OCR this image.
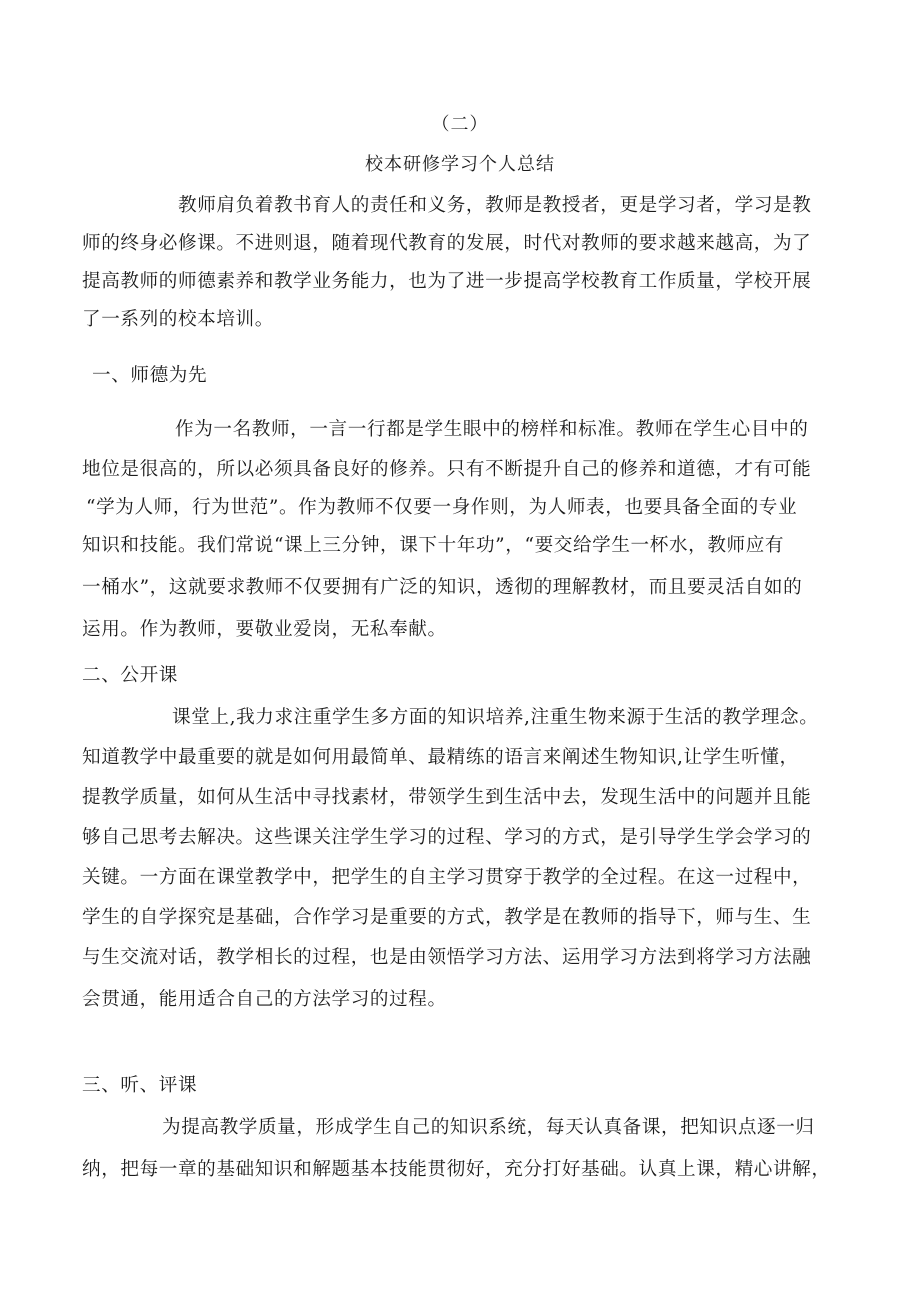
（二）
校本研修学习个人总结
教师肩负着教书育人的责任和义务，教师是教授者，更是学习者，学习是教
师的终身必修课。不进则退，随着现代教育的发展，时代对教师的要求越来越高，为了
提高教师的师德素养和教学业务能力，也为了进一步提高学校教育工作质量，学校开展
了一系列的校本培训。
一、师德为先
作为一名教师，一言一行都是学生眼中的榜样和标准。教师在学生心目中的
地位是很高的，所以必须具备良好的修养。只有不断提升自己的修养和道德，才有可能
“学为人师，行为世范”。作为教师不仅要一身作则，为人师表，也要具备全面的专业
知识和技能。我们常说“课上三分钟，课下十年功”，“要交给学生一杯水，教师应有
一桶水”，这就要求教师不仅要拥有广泛的知识，透彻的理解教材，而且要灵活自如的
运用。作为教师，要敬业爱岗，无私奉献。
二、公开课
课堂上,我力求注重学生多方面的知识培养,注重生物来源于生活的教学理念。
知道教学中最重要的就是如何用最简单、最精练的语言来阐述生物知识,让学生听懂，
提教学质量，如何从生活中寻找素材，带领学生到生活中去，发现生活中的问题并且能
够自己思考去解决。这些课关注学生学习的过程、学习的方式，是引导学生学会学习的
关键。一方面在课堂教学中，把学生的自主学习贯穿于教学的全过程。在这一过程中，
学生的自学探究是基础，合作学习是重要的方式，教学是在教师的指导下，师与生、生
与生交流对话，教学相长的过程，也是由领悟学习方法、运用学习方法到将学习方法融
会贯通，能用适合自己的方法学习的过程。
三、听、评课
为提高教学质量，形成学生自己的知识系统，每天认真备课，把知识点逐一归
纳，把每一章的基础知识和解题基本技能贯彻好，充分打好基础。认真上课，精心讲解，
